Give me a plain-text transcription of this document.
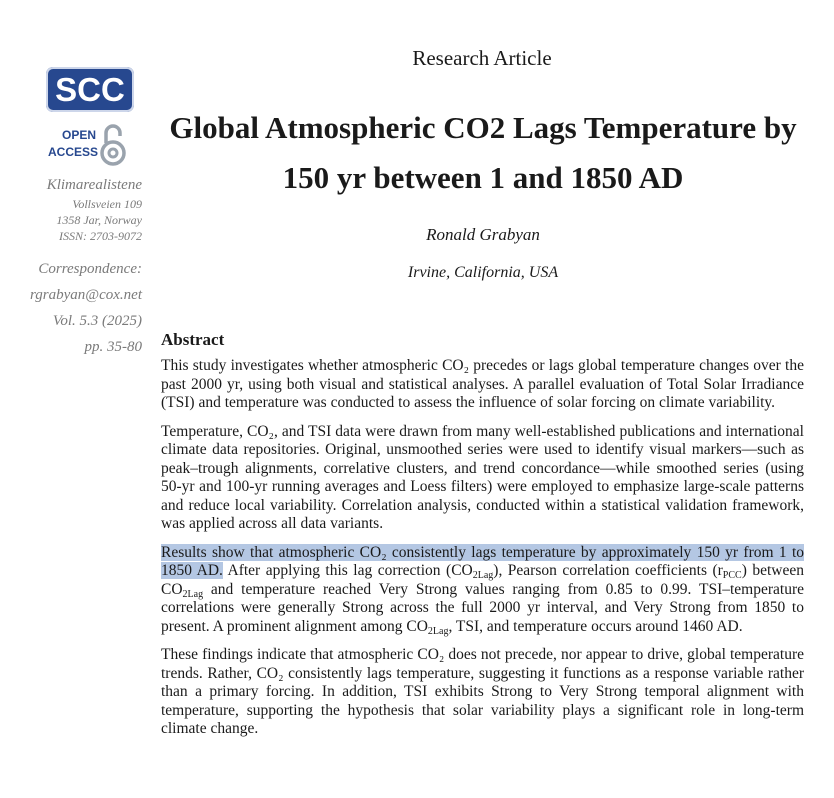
Research Article
SCC
OPEN
ACCESS
Klimarealistene
Vollsveien 109
1358 Jar, Norway
ISSN: 2703-9072
Correspondence:
rgrabyan@cox.net
Vol. 5.3 (2025)
pp. 35-80
Global Atmospheric CO2 Lags Temperature by
150 yr between 1 and 1850 AD
Ronald Grabyan
Irvine, California, USA
Abstract

This study investigates whether atmospheric CO₂ precedes or lags global temperature changes over the past 2000 yr, using both visual and statistical analyses. A parallel evaluation of Total Solar Irradiance (TSI) and temperature was conducted to assess the influence of solar forcing on climate variability.

Temperature, CO₂, and TSI data were drawn from many well-established publications and international climate data repositories. Original, unsmoothed series were used to identify visual markers—such as peak–trough alignments, correlative clusters, and trend concordance—while smoothed series (using 50-yr and 100-yr running averages and Loess filters) were employed to emphasize large-scale patterns and reduce local variability. Correlation analysis, conducted within a statistical validation framework, was applied across all data variants.

Results show that atmospheric CO₂ consistently lags temperature by approximately 150 yr from 1 to 1850 AD. After applying this lag correction $(CO_{2Lag})$, Pearson correlation coefficients $(r_{PCC})$ between $CO_{2Lag}$ and temperature reached Very Strong values ranging from 0.85 to 0.99. TSI–temperature correlations were generally Strong across the full 2000 yr interval, and Very Strong from 1850 to present. A prominent alignment among $CO_{2Lag}$, TSI, and temperature occurs around 1460 AD.

These findings indicate that atmospheric CO₂ does not precede, nor appear to drive, global temperature trends. Rather, CO₂ consistently lags temperature, suggesting it functions as a response variable rather than a primary forcing. In addition, TSI exhibits Strong to Very Strong temporal alignment with temperature, supporting the hypothesis that solar variability plays a significant role in long-term climate change.
